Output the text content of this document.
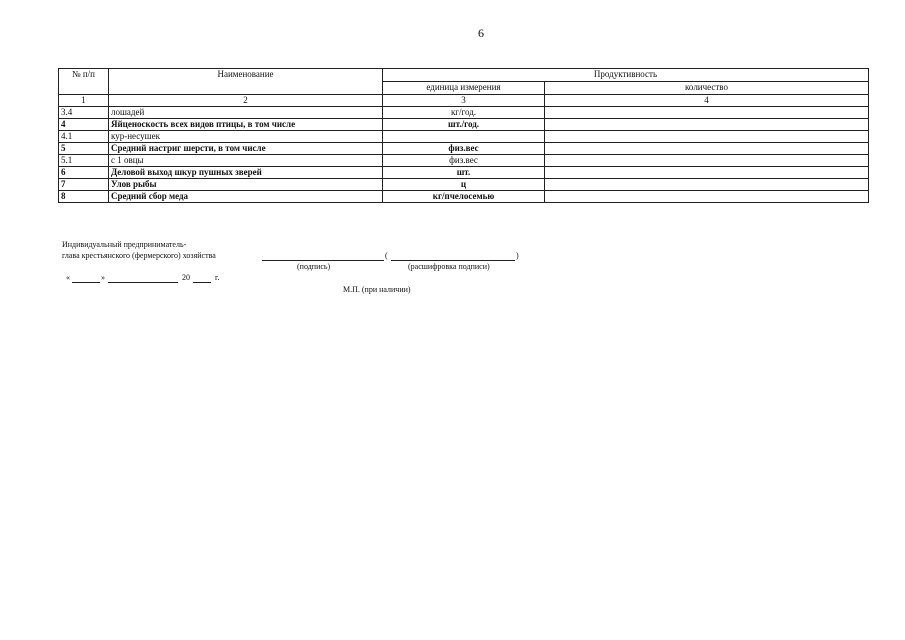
6
№ п/п	Наименование	Продуктивность	
		единица измерения	количество
1	2	3	4
3.4	лошадей	кг/год.	
4	Яйценоскость всех видов птицы, в том числе	шт./год.	
4.1	кур-несушек		
5	Средний настриг шерсти, в том числе	физ.вес	
5.1	с 1 овцы	физ.вес	
6	Деловой выход шкур пушных зверей	шт.	
7	Улов рыбы	ц	
8	Средний сбор меда	кг/пчелосемью	
Индивидуальный предприниматель-
глава крестьянского (фермерского) хозяйства	(	)
(подпись)	(расшифровка подписи)
«	»	20	г.
М.П. (при наличии)
